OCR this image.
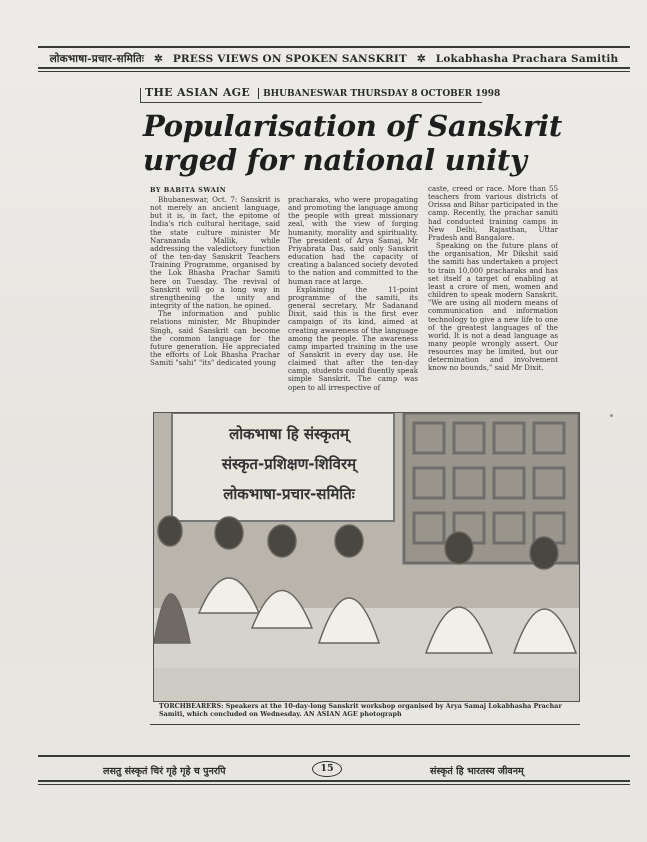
लोकभाषा-प्रचार-समितिः ✲ PRESS VIEWS ON SPOKEN SANSKRIT ✲ Lokabhasha Prachara Samitih
THE ASIAN AGE BHUBANESWAR THURSDAY 8 OCTOBER 1998
Popularisation of Sanskrit urged for national unity
BY BABITA SWAIN

Bhubaneswar, Oct. 7: Sanskrit is not merely an ancient language, but it is, in fact, the epitome of India's rich cultural heritage, said the state culture minister Mr Narananda Mallik, while addressing the valedictory function of the ten-day Sanskrit Teachers Training Programme, organised by the Lok Bhasha Prachar Samiti here on Tuesday. The revival of Sanskrit will go a long way in strengthening the unity and integrity of the nation, he opined.

The information and public relations minister, Mr Bhupinder Singh, said Sanskrit can become the common language for the future generation. He appreciated the efforts of Lok Bhasha Prachar Samiti "sahi" "its" dedicated young

pracharaks, who were propagating and promoting the language among the people with great missionary zeal, with the view of forging humanity, morality and spirituality. The president of Arya Samaj, Mr Priyabrata Das, said only Sanskrit education had the capacity of creating a balanced society devoted to the nation and committed to the human race at large.

Explaining the 11-point programme of the samiti, its general secretary, Mr Sadanand Dixit, said this is the first ever campaign of its kind, aimed at creating awareness of the language among the people. The awareness camp imparted training in the use of Sanskrit in every day use. He claimed that after the ten-day camp, students could fluently speak simple Sanskrit. The camp was open to all irrespective of

caste, creed or race. More than 55 teachers from various districts of Orissa and Bihar participated in the camp. Recently, the prachar samiti had conducted training camps in New Delhi, Rajasthan, Uttar Pradesh and Bangalore.

Speaking on the future plans of the organisation, Mr Dikshit said the samiti has undertaken a project to train 10,000 pracharaks and has set itself a target of enabling at least a crore of men, women and children to speak modern Sanskrit. "We are using all modern means of communication and information technology to give a new life to one of the greatest languages of the world. It is not a dead language as many people wrongly assert. Our resources may be limited, but our determination and involvement know no bounds," said Mr Dixit.

लोकभाषा हि संस्कृतम्
संस्कृत-प्रशिक्षण-शिविरम्
लोकभाषा-प्रचार-समितिः
TORCHBEARERS: Speakers at the 10-day-long Sanskrit workshop organised by Arya Samaj Lokabhasha Prachar Samiti, which concluded on Wednesday. AN ASIAN AGE photograph
लसतु संस्कृतं चिरं गृहे गृहे च पुनरपि	15	संस्कृतं हि भारतस्य जीवनम्
